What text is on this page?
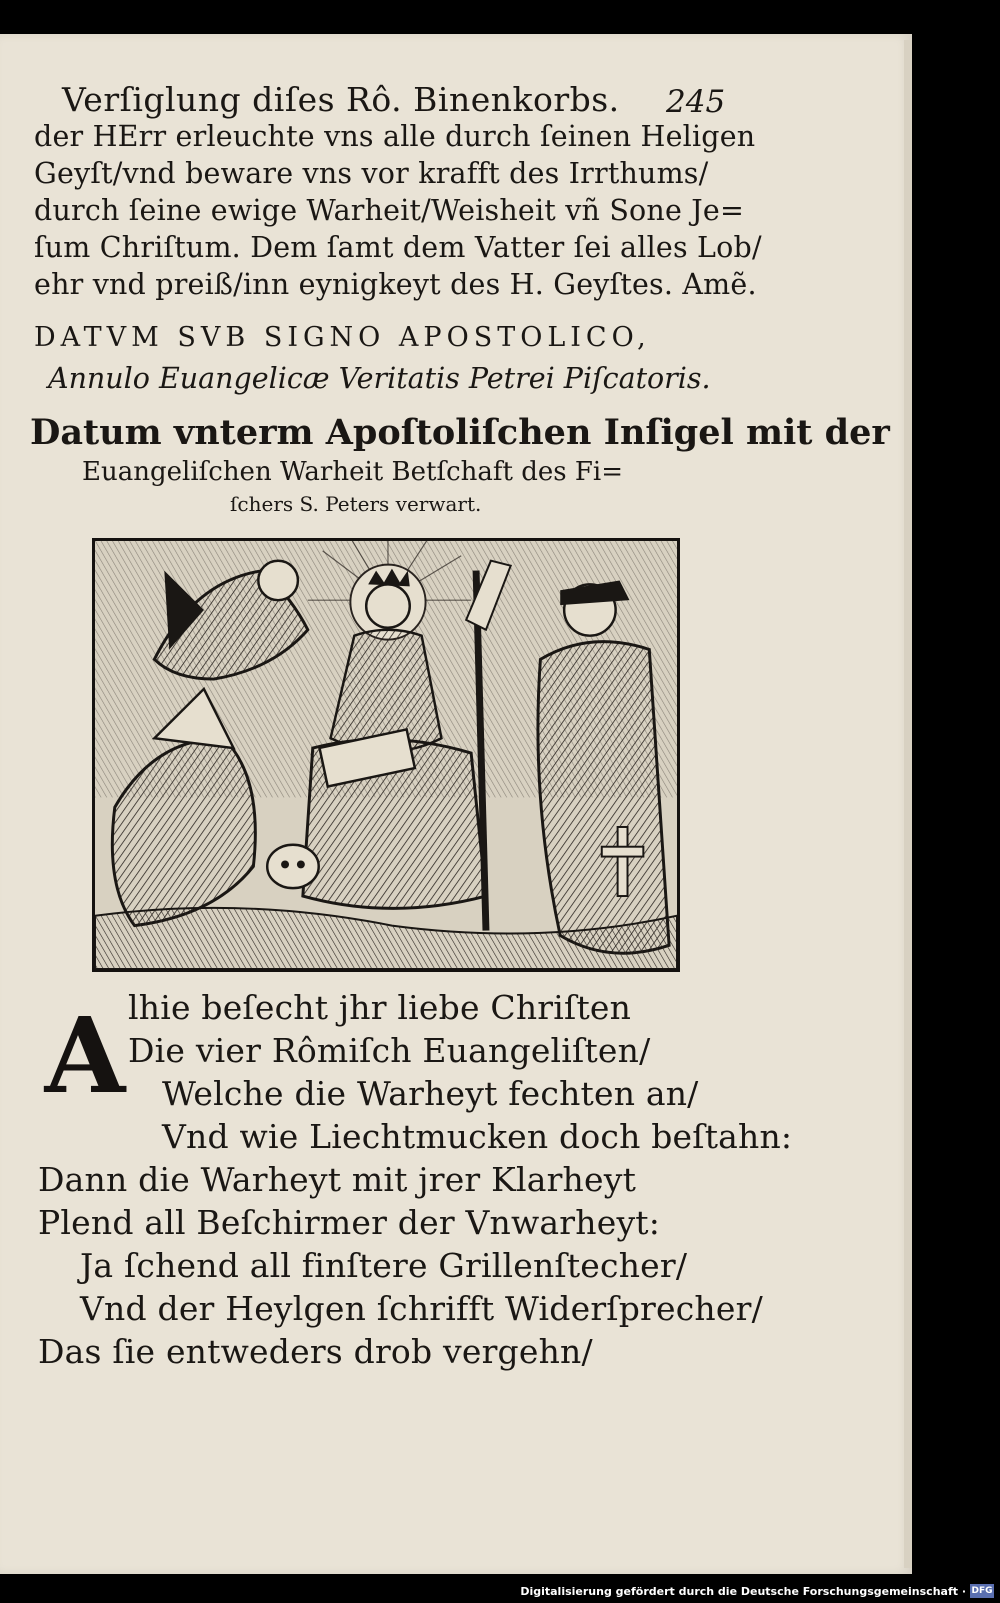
Verſiglung diſes Rô. Binenkorbs. 245
der HErr erleuchte vns alle durch ſeinen Heligen
Geyſt/vnd beware vns vor krafft des Irrthums/
durch ſeine ewige Warheit/Weisheit vñ Sone Je=
ſum Chriſtum. Dem ſamt dem Vatter ſei alles Lob/
ehr vnd preiß/inn eynigkeyt des H. Geyſtes. Amẽ.
DATVM SVB SIGNO APOSTOLICO,
Annulo Euangelicæ Veritatis Petrei Piſcatoris.
Datum vnterm Apoſtoliſchen Inſigel mit der
Euangeliſchen Warheit Betſchaft des Fi=
ſchers S. Peters verwart.
A lhie beſecht jhr liebe Chriſten
Die vier Rômiſch Euangeliſten/
Welche die Warheyt fechten an/
Vnd wie Liechtmucken doch beſtahn:
Dann die Warheyt mit jrer Klarheyt
Plend all Beſchirmer der Vnwarheyt:
Ja ſchend all finſtere Grillenſtecher/
Vnd der Heylgen ſchrifft Widerſprecher/
Das ſie entweders drob vergehn/
Digitalisierung gefördert durch die Deutsche Forschungsgemeinschaft · DFG
